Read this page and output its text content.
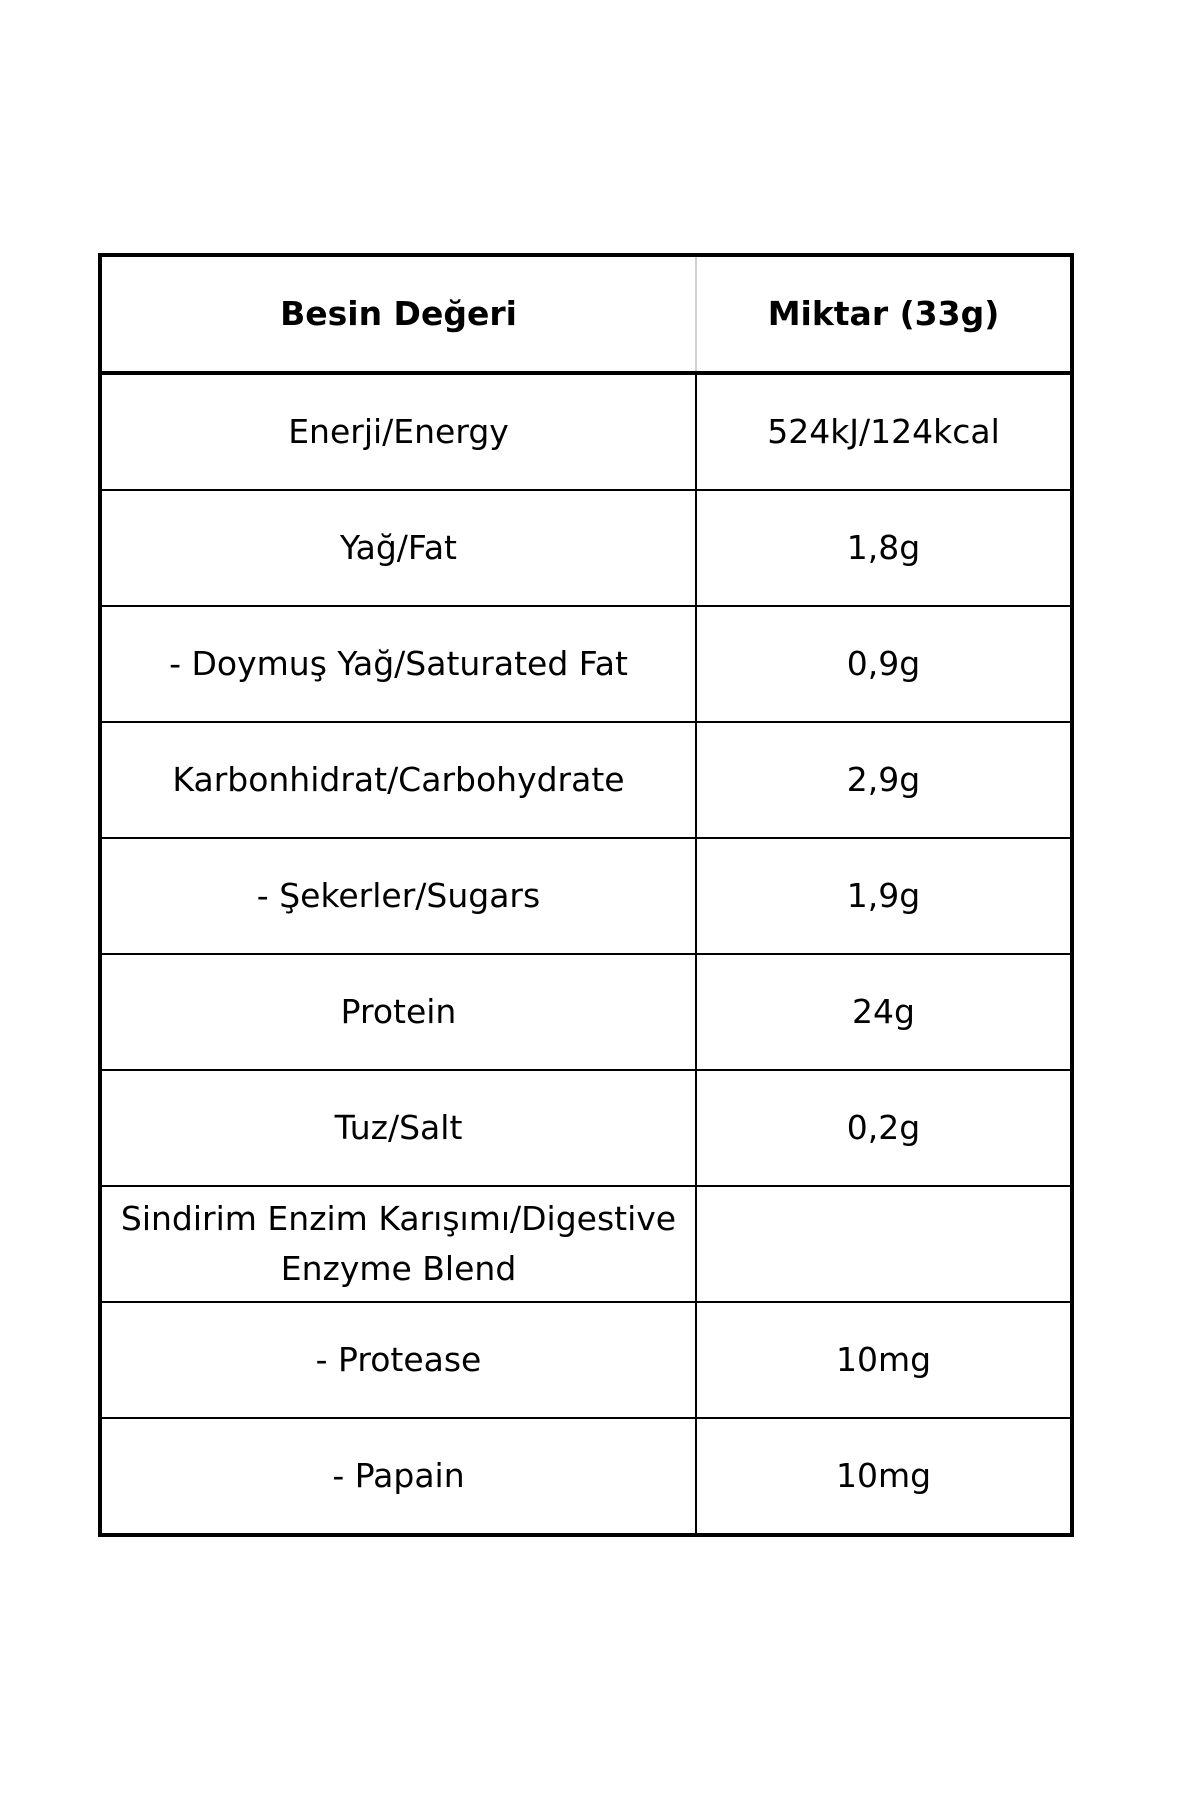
Besin Değeri	Miktar (33g)
Enerji/Energy	524kJ/124kcal
Yağ/Fat	1,8g
- Doymuş Yağ/Saturated Fat	0,9g
Karbonhidrat/Carbohydrate	2,9g
- Şekerler/Sugars	1,9g
Protein	24g
Tuz/Salt	0,2g
Sindirim Enzim Karışımı/Digestive Enzyme Blend	
- Protease	10mg
- Papain	10mg
